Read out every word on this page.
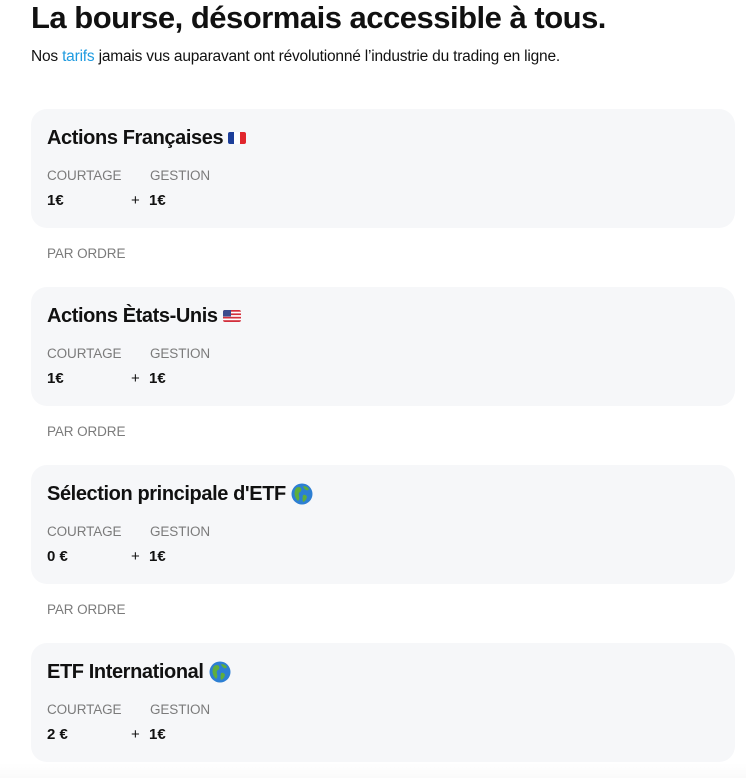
La bourse, désormais accessible à tous.

Nos tarifs jamais vus auparavant ont révolutionné l’industrie du trading en ligne.

Actions Françaises
COURTAGE GESTION
1€	+ 1€
PAR ORDRE
Actions Ètats-Unis
COURTAGE GESTION
1€	+ 1€
PAR ORDRE
Sélection principale d'ETF
COURTAGE GESTION
0 €	+ 1€
PAR ORDRE
ETF International
COURTAGE GESTION
2 €	+ 1€
